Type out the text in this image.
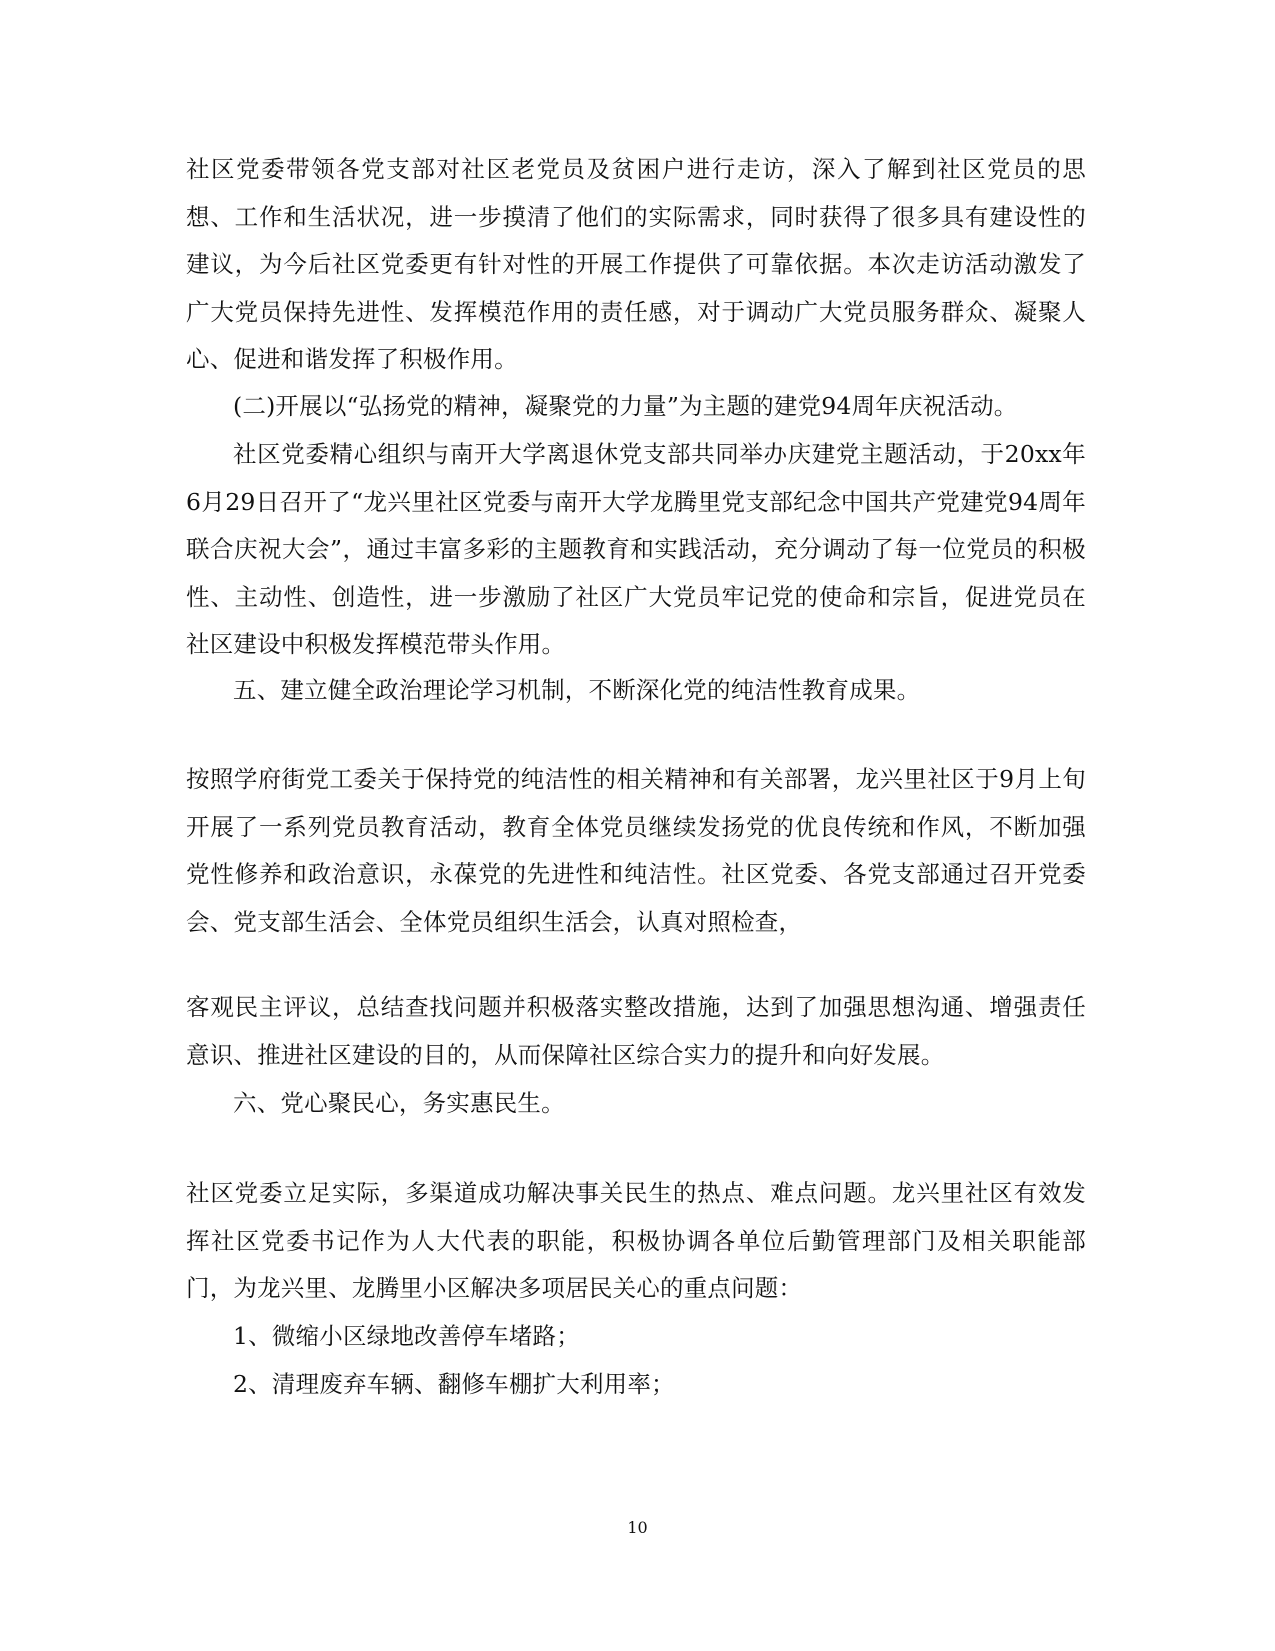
社区党委带领各党支部对社区老党员及贫困户进行走访，深入了解到社区党员的思想、工作和生活状况，进一步摸清了他们的实际需求，同时获得了很多具有建设性的建议，为今后社区党委更有针对性的开展工作提供了可靠依据。本次走访活动激发了广大党员保持先进性、发挥模范作用的责任感，对于调动广大党员服务群众、凝聚人心、促进和谐发挥了积极作用。

(二)开展以“弘扬党的精神，凝聚党的力量”为主题的建党94周年庆祝活动。

社区党委精心组织与南开大学离退休党支部共同举办庆建党主题活动，于20xx年6月29日召开了“龙兴里社区党委与南开大学龙腾里党支部纪念中国共产党建党94周年联合庆祝大会”，通过丰富多彩的主题教育和实践活动，充分调动了每一位党员的积极性、主动性、创造性，进一步激励了社区广大党员牢记党的使命和宗旨，促进党员在社区建设中积极发挥模范带头作用。

五、建立健全政治理论学习机制，不断深化党的纯洁性教育成果。

按照学府街党工委关于保持党的纯洁性的相关精神和有关部署，龙兴里社区于9月上旬开展了一系列党员教育活动，教育全体党员继续发扬党的优良传统和作风，不断加强党性修养和政治意识，永葆党的先进性和纯洁性。社区党委、各党支部通过召开党委会、党支部生活会、全体党员组织生活会，认真对照检查，

客观民主评议，总结查找问题并积极落实整改措施，达到了加强思想沟通、增强责任意识、推进社区建设的目的，从而保障社区综合实力的提升和向好发展。

六、党心聚民心，务实惠民生。

社区党委立足实际，多渠道成功解决事关民生的热点、难点问题。龙兴里社区有效发挥社区党委书记作为人大代表的职能，积极协调各单位后勤管理部门及相关职能部门，为龙兴里、龙腾里小区解决多项居民关心的重点问题：

1、微缩小区绿地改善停车堵路；

2、清理废弃车辆、翻修车棚扩大利用率；

10
